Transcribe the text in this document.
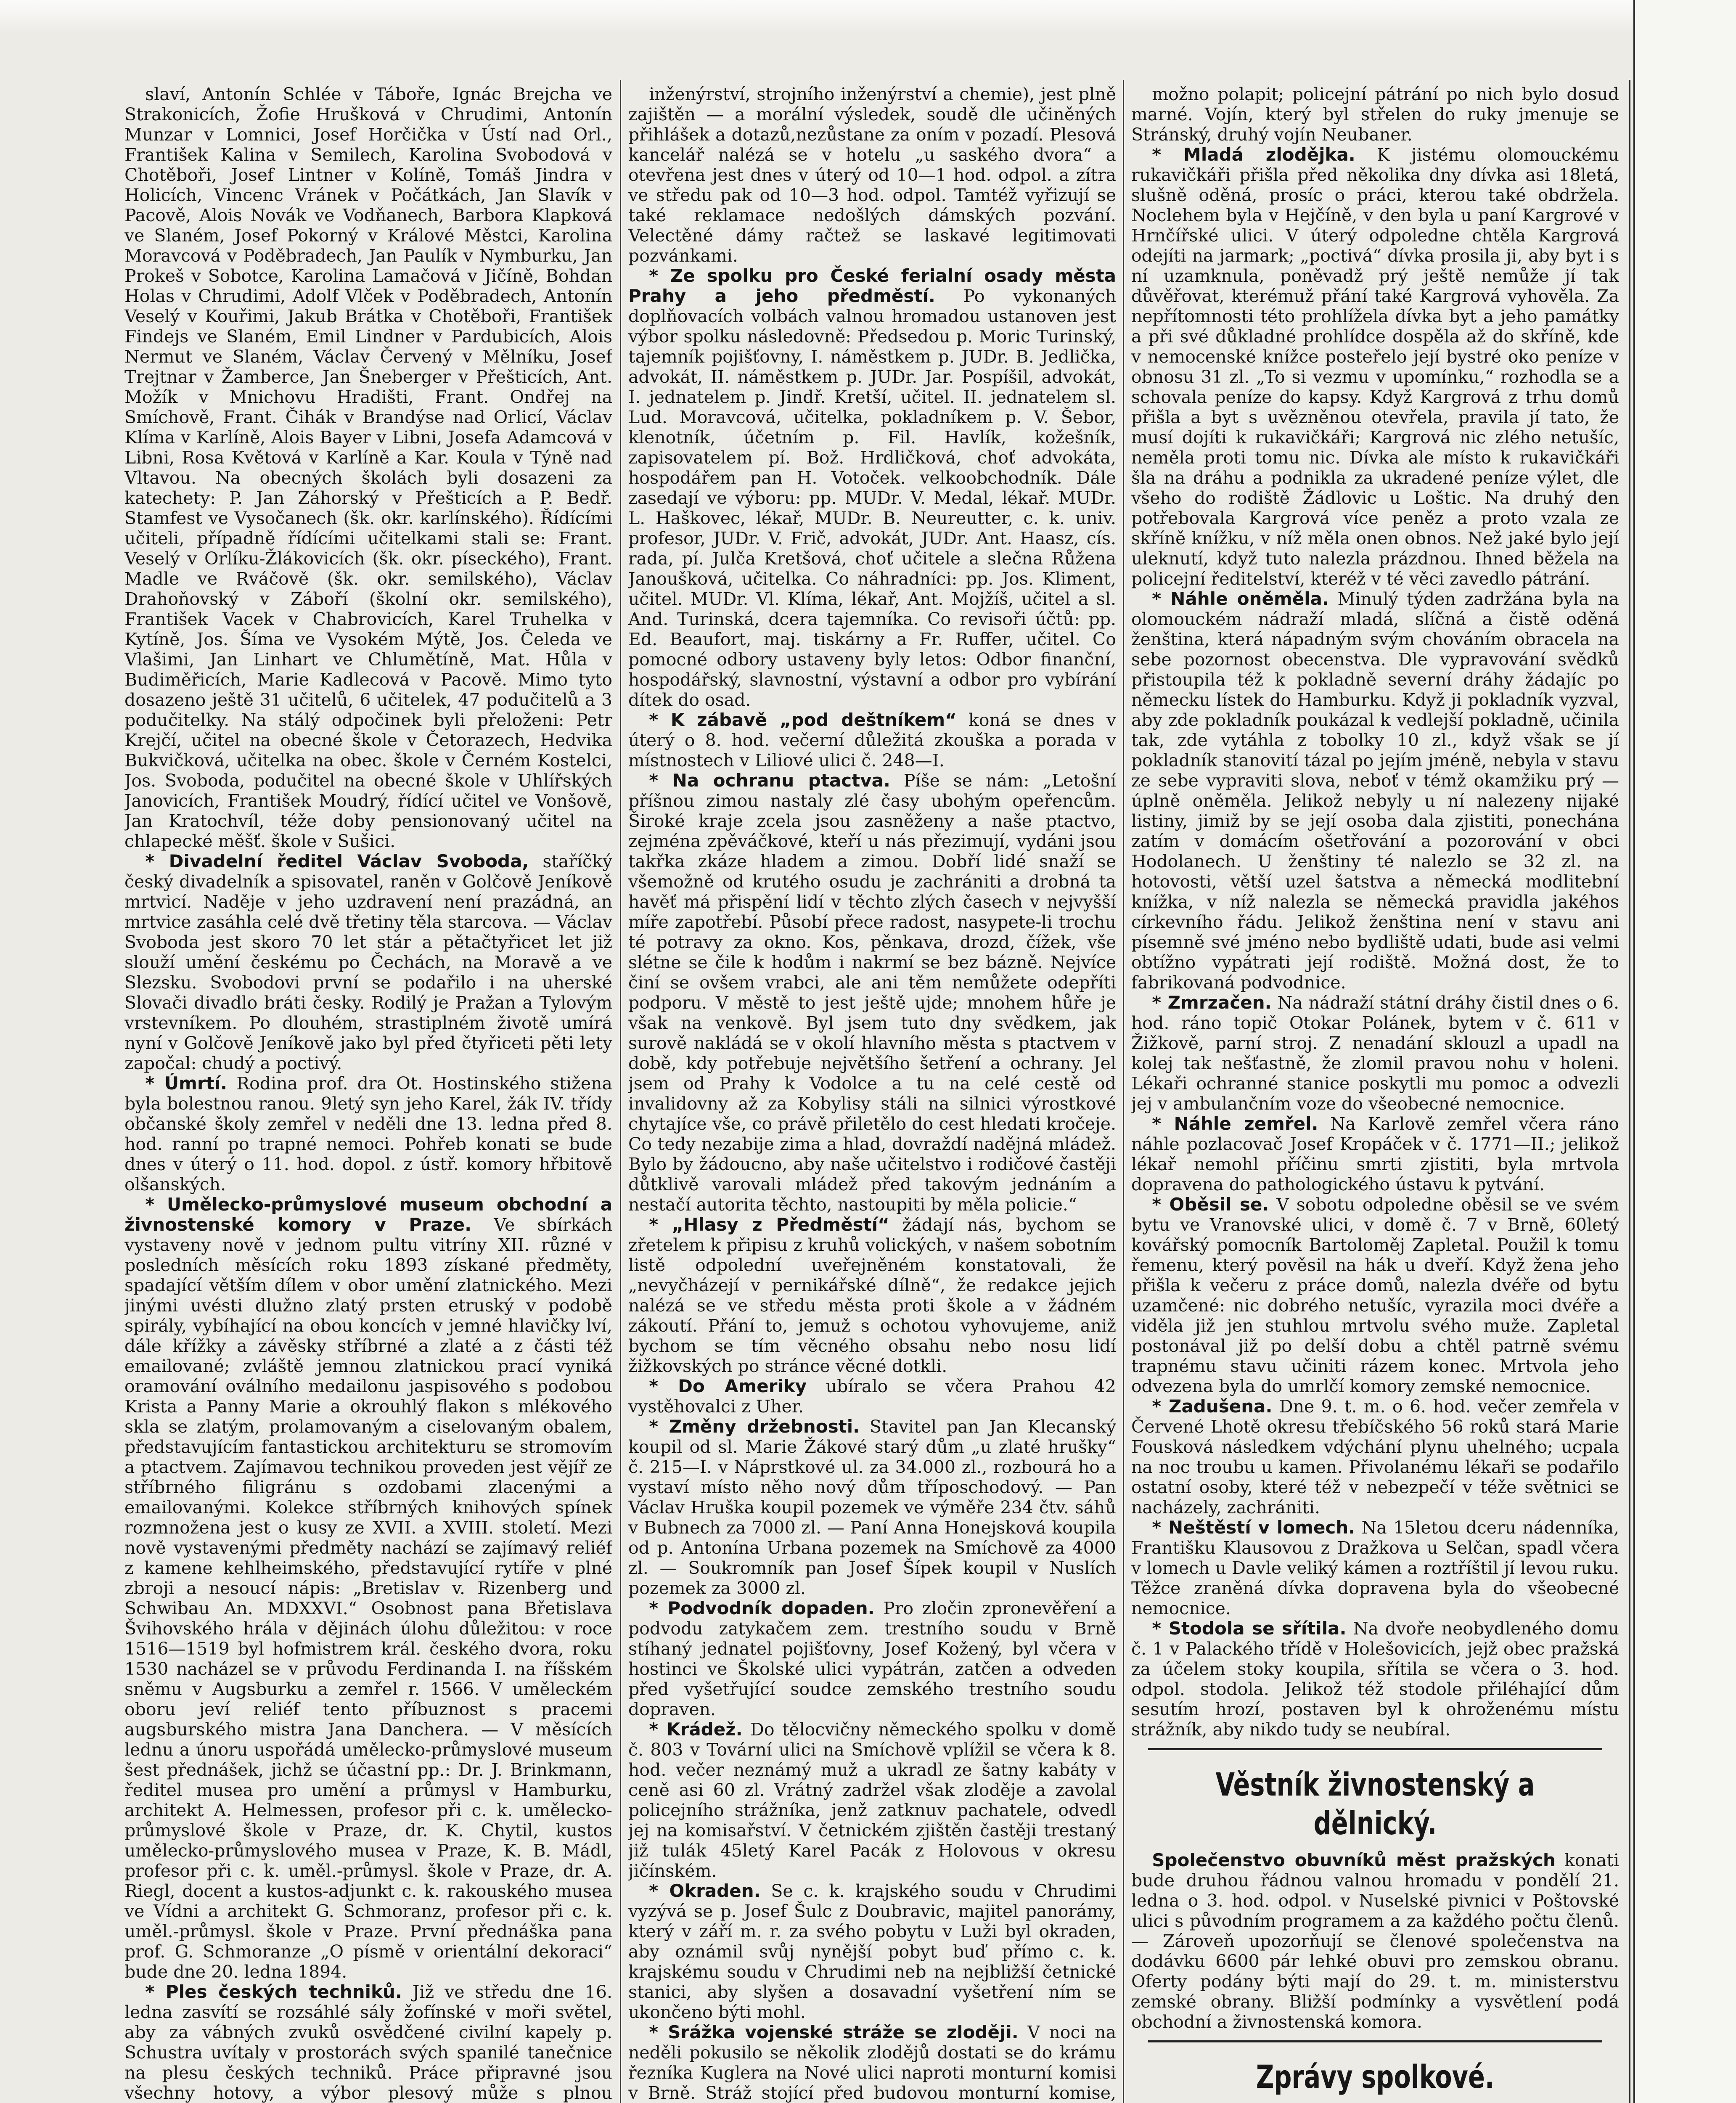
slaví, Antonín Schlée v Táboře, Ignác Brejcha ve Strakonicích, Žofie Hrušková v Chrudimi, Antonín Munzar v Lomnici, Josef Horčička v Ústí nad Orl., František Kalina v Semilech, Karolina Svobodová v Chotěboři, Josef Lintner v Kolíně, Tomáš Jindra v Holicích, Vincenc Vránek v Počátkách, Jan Slavík v Pacově, Alois Novák ve Vodňanech, Barbora Klapková ve Slaném, Josef Pokorný v Králové Městci, Karolina Moravcová v Poděbradech, Jan Paulík v Nymburku, Jan Prokeš v Sobotce, Karolina Lamačová v Jičíně, Bohdan Holas v Chrudimi, Adolf Vlček v Poděbradech, Antonín Veselý v Kouřimi, Jakub Brátka v Chotěboři, František Findejs ve Slaném, Emil Lindner v Pardubicích, Alois Nermut ve Slaném, Václav Červený v Mělníku, Josef Trejtnar v Žamberce, Jan Šneberger v Přešticích, Ant. Možík v Mnichovu Hradišti, Frant. Ondřej na Smíchově, Frant. Čihák v Brandýse nad Orlicí, Václav Klíma v Karlíně, Alois Bayer v Libni, Josefa Adamcová v Libni, Rosa Květová v Karlíně a Kar. Koula v Týně nad Vltavou. Na obecných školách byli dosazeni za katechety: P. Jan Záhorský v Přešticích a P. Bedř. Stamfest ve Vysočanech (šk. okr. karlínského). Řídícími učiteli, případně řídícími učitelkami stali se: Frant. Veselý v Orlíku-Žlákovicích (šk. okr. píseckého), Frant. Madle ve Rváčově (šk. okr. semilského), Václav Drahoňovský v Záboří (školní okr. semilského), František Vacek v Chabrovicích, Karel Truhelka v Kytíně, Jos. Šíma ve Vysokém Mýtě, Jos. Čeleda ve Vlašimi, Jan Linhart ve Chlumětíně, Mat. Hůla v Budiměřicích, Marie Kadlecová v Pacově. Mimo tyto dosazeno ještě 31 učitelů, 6 učitelek, 47 podučitelů a 3 podučitelky. Na stálý odpočinek byli přeloženi: Petr Krejčí, učitel na obecné škole v Četorazech, Hedvika Bukvičková, učitelka na obec. škole v Černém Kostelci, Jos. Svoboda, podučitel na obecné škole v Uhlířských Janovicích, František Moudrý, řídící učitel ve Vonšově, Jan Kratochvíl, téže doby pensionovaný učitel na chlapecké měšť. škole v Sušici.

* Divadelní ředitel Václav Svoboda, staříčký český divadelník a spisovatel, raněn v Golčově Jeníkově mrtvicí. Naděje v jeho uzdravení není prazádná, an mrtvice zasáhla celé dvě třetiny těla starcova. — Václav Svoboda jest skoro 70 let stár a pětačtyřicet let již slouží umění českému po Čechách, na Moravě a ve Slezsku. Svobodovi první se podařilo i na uherské Slovači divadlo bráti česky. Rodilý je Pražan a Tylovým vrstevníkem. Po dlouhém, strastiplném životě umírá nyní v Golčově Jeníkově jako byl před čtyřiceti pěti lety započal: chudý a poctivý.

* Úmrtí. Rodina prof. dra Ot. Hostinského stižena byla bolestnou ranou. 9letý syn jeho Karel, žák IV. třídy občanské školy zemřel v neděli dne 13. ledna před 8. hod. ranní po trapné nemoci. Pohřeb konati se bude dnes v úterý o 11. hod. dopol. z ústř. komory hřbitově olšanských.

* Umělecko-průmyslové museum obchodní a živnostenské komory v Praze. Ve sbírkách vystaveny nově v jednom pultu vitríny XII. různé v posledních měsících roku 1893 získané předměty, spadající větším dílem v obor umění zlatnického. Mezi jinými uvésti dlužno zlatý prsten etruský v podobě spirály, vybíhající na obou koncích v jemné hlavičky lví, dále křížky a závěsky stříbrné a zlaté a z části též emailované; zvláště jemnou zlatnickou prací vyniká oramování oválního medailonu jaspisového s podobou Krista a Panny Marie a okrouhlý flakon s mlékového skla se zlatým, prolamovaným a ciselovaným obalem, představujícím fantastickou architekturu se stromovím a ptactvem. Zajímavou technikou proveden jest vějíř ze stříbrného filigránu s ozdobami zlacenými a emailovanými. Kolekce stříbrných knihových spínek rozmnožena jest o kusy ze XVII. a XVIII. století. Mezi nově vystavenými předměty nachází se zajímavý reliéf z kamene kehlheimského, představující rytíře v plné zbroji a nesoucí nápis: „Bretislav v. Rizenberg und Schwibau An. MDXXVI.“ Osobnost pana Břetislava Švihovského hrála v dějinách úlohu důležitou: v roce 1516—1519 byl hofmistrem král. českého dvora, roku 1530 nacházel se v průvodu Ferdinanda I. na říšském sněmu v Augsburku a zemřel r. 1566. V uměleckém oboru jeví reliéf tento příbuznost s pracemi augsburského mistra Jana Danchera. — V měsících lednu a únoru uspořádá umělecko-průmyslové museum šest přednášek, jichž se účastní pp.: Dr. J. Brinkmann, ředitel musea pro umění a průmysl v Hamburku, architekt A. Helmessen, profesor při c. k. umělecko-průmyslové škole v Praze, dr. K. Chytil, kustos umělecko-průmyslového musea v Praze, K. B. Mádl, profesor při c. k. uměl.-průmysl. škole v Praze, dr. A. Riegl, docent a kustos-adjunkt c. k. rakouského musea ve Vídni a architekt G. Schmoranz, profesor při c. k. uměl.-průmysl. škole v Praze. První přednáška pana prof. G. Schmoranze „O písmě v orientální dekoraci“ bude dne 20. ledna 1894.

* Ples českých techniků. Již ve středu dne 16. ledna zasvítí se rozsáhlé sály žofínské v moři světel, aby za vábných zvuků osvědčené civilní kapely p. Schustra uvítaly v prostorách svých spanilé tanečnice na plesu českých techniků. Práce připravné jsou všechny hotovy, a výbor plesový může s plnou

inženýrství, strojního inženýrství a chemie), jest plně zajištěn — a morální výsledek, soudě dle učiněných přihlášek a dotazů,nezůstane za oním v pozadí. Plesová kancelář nalézá se v hotelu „u saského dvora“ a otevřena jest dnes v úterý od 10—1 hod. odpol. a zítra ve středu pak od 10—3 hod. odpol. Tamtéž vyřizují se také reklamace nedošlých dámských pozvání. Velectěné dámy račtež se laskavé legitimovati pozvánkami.

* Ze spolku pro České ferialní osady města Prahy a jeho předměstí. Po vykonaných doplňovacích volbách valnou hromadou ustanoven jest výbor spolku následovně: Předsedou p. Moric Turinský, tajemník pojišťovny, I. náměstkem p. JUDr. B. Jedlička, advokát, II. náměstkem p. JUDr. Jar. Pospíšil, advokát, I. jednatelem p. Jindř. Kretší, učitel. II. jednatelem sl. Lud. Moravcová, učitelka, pokladníkem p. V. Šebor, klenotník, účetním p. Fil. Havlík, kožešník, zapisovatelem pí. Bož. Hrdličková, choť advokáta, hospodářem pan H. Votoček. velkoobchodník. Dále zasedají ve výboru: pp. MUDr. V. Medal, lékař. MUDr. L. Haškovec, lékař, MUDr. B. Neureutter, c. k. univ. profesor, JUDr. V. Frič, advokát, JUDr. Ant. Haasz, cís. rada, pí. Julča Kretšová, choť učitele a slečna Růžena Janoušková, učitelka. Co náhradníci: pp. Jos. Kliment, učitel. MUDr. Vl. Klíma, lékař, Ant. Mojžíš, učitel a sl. And. Turinská, dcera tajemníka. Co revisoři účtů: pp. Ed. Beaufort, maj. tiskárny a Fr. Ruffer, učitel. Co pomocné odbory ustaveny byly letos: Odbor finanční, hospodářský, slavnostní, výstavní a odbor pro vybírání dítek do osad.

* K zábavě „pod deštníkem“ koná se dnes v úterý o 8. hod. večerní důležitá zkouška a porada v místnostech v Liliové ulici č. 248—I.

* Na ochranu ptactva. Píše se nám: „Letošní příšnou zimou nastaly zlé časy ubohým opeřencům. Široké kraje zcela jsou zasněženy a naše ptactvo, zejména zpěváčkové, kteří u nás přezimují, vydáni jsou takřka zkáze hladem a zimou. Dobří lidé snaží se všemožně od krutého osudu je zachrániti a drobná ta havěť má přispění lidí v těchto zlých časech v nejvyšší míře zapotřebí. Působí přece radost, nasypete-li trochu té potravy za okno. Kos, pěnkava, drozd, čížek, vše slétne se čile k hodům i nakrmí se bez bázně. Nejvíce činí se ovšem vrabci, ale ani těm nemůžete odepříti podporu. V městě to jest ještě ujde; mnohem hůře je však na venkově. Byl jsem tuto dny svědkem, jak surově nakládá se v okolí hlavního města s ptactvem v době, kdy potřebuje největšího šetření a ochrany. Jel jsem od Prahy k Vodolce a tu na celé cestě od invalidovny až za Kobylisy stáli na silnici výrostkové chytajíce vše, co právě přiletělo do cest hledati kročeje. Co tedy nezabije zima a hlad, dovraždí nadějná mládež. Bylo by žádoucno, aby naše učitelstvo i rodičové častěji důtklivě varovali mládež před takovým jednáním a nestačí autorita těchto, nastoupiti by měla policie.“

* „Hlasy z Předměstí“ žádají nás, bychom se zřetelem k připisu z kruhů volických, v našem sobotním listě odpolední uveřejněném konstatovali, že „nevyčházejí v pernikářské dílně“, že redakce jejich nalézá se ve středu města proti škole a v žádném zákoutí. Přání to, jemuž s ochotou vyhovujeme, aniž bychom se tím věcného obsahu nebo nosu lidí žižkovských po stránce věcné dotkli.

* Do Ameriky ubíralo se včera Prahou 42 vystěhovalci z Uher.

* Změny držebnosti. Stavitel pan Jan Klecanský koupil od sl. Marie Žákové starý dům „u zlaté hrušky“ č. 215—I. v Náprstkové ul. za 34.000 zl., rozbourá ho a vystaví místo něho nový dům tříposchodový. — Pan Václav Hruška koupil pozemek ve výměře 234 čtv. sáhů v Bubnech za 7000 zl. — Paní Anna Honejsková koupila od p. Antonína Urbana pozemek na Smíchově za 4000 zl. — Soukromník pan Josef Šípek koupil v Nuslích pozemek za 3000 zl.

* Podvodník dopaden. Pro zločin zpronevěření a podvodu zatykačem zem. trestního soudu v Brně stíhaný jednatel pojišťovny, Josef Kožený, byl včera v hostinci ve Školské ulici vypátrán, zatčen a odveden před vyšetřující soudce zemského trestního soudu dopraven.

* Krádež. Do tělocvičny německého spolku v domě č. 803 v Tovární ulici na Smíchově vplížil se včera k 8. hod. večer neznámý muž a ukradl ze šatny kabáty v ceně asi 60 zl. Vrátný zadržel však zloděje a zavolal policejního strážníka, jenž zatknuv pachatele, odvedl jej na komisařství. V četnickém zjištěn častěji trestaný již tulák 45letý Karel Pacák z Holovous v okresu jičínském.

* Okraden. Se c. k. krajského soudu v Chrudimi vyzývá se p. Josef Šulc z Doubravic, majitel panorámy, který v září m. r. za svého pobytu v Luži byl okraden, aby oznámil svůj nynější pobyt buď přímo c. k. krajskému soudu v Chrudimi neb na nejbližší četnické stanici, aby slyšen a dosavadní vyšetření ním se ukončeno býti mohl.

* Srážka vojenské stráže se zloději. V noci na neděli pokusilo se několik zlodějů dostati se do krámu řezníka Kuglera na Nové ulici naproti monturní komisi v Brně. Stráž stojící před budovou monturní komise,

možno polapit; policejní pátrání po nich bylo dosud marné. Vojín, který byl střelen do ruky jmenuje se Stránský, druhý vojín Neubaner.

* Mladá zlodějka. K jistému olomouckému rukavičkáři přišla před několika dny dívka asi 18letá, slušně oděná, prosíc o práci, kterou také obdržela. Noclehem byla v Hejčíně, v den byla u paní Kargrové v Hrnčířské ulici. V úterý odpoledne chtěla Kargrová odejíti na jarmark; „poctivá“ dívka prosila ji, aby byt i s ní uzamknula, poněvadž prý ještě nemůže jí tak důvěřovat, kterémuž přání také Kargrová vyhověla. Za nepřítomnosti této prohlížela dívka byt a jeho památky a při své důkladné prohlídce dospěla až do skříně, kde v nemocenské knížce posteřelo její bystré oko peníze v obnosu 31 zl. „To si vezmu v upomínku,“ rozhodla se a schovala peníze do kapsy. Když Kargrová z trhu domů přišla a byt s uvězněnou otevřela, pravila jí tato, že musí dojíti k rukavičkáři; Kargrová nic zlého netušíc, neměla proti tomu nic. Dívka ale místo k rukavičkáři šla na dráhu a podnikla za ukradené peníze výlet, dle všeho do rodiště Žádlovic u Loštic. Na druhý den potřebovala Kargrová více peněz a proto vzala ze skříně knížku, v níž měla onen obnos. Než jaké bylo její uleknutí, když tuto nalezla prázdnou. Ihned běžela na policejní ředitelství, kteréž v té věci zavedlo pátrání.

* Náhle oněměla. Minulý týden zadržána byla na olomouckém nádraží mladá, slíčná a čistě oděná ženština, která nápadným svým chováním obracela na sebe pozornost obecenstva. Dle vypravování svědků přistoupila též k pokladně severní dráhy žádajíc po německu lístek do Hamburku. Když ji pokladník vyzval, aby zde pokladník poukázal k vedlejší pokladně, učinila tak, zde vytáhla z tobolky 10 zl., když však se jí pokladník stanovití tázal po jejím jméně, nebyla v stavu ze sebe vypraviti slova, neboť v témž okamžiku prý — úplně oněměla. Jelikož nebyly u ní nalezeny nijaké listiny, jimiž by se její osoba dala zjistiti, ponechána zatím v domácím ošetřování a pozorování v obci Hodolanech. U ženštiny té nalezlo se 32 zl. na hotovosti, větší uzel šatstva a německá modlitební knížka, v níž nalezla se německá pravidla jakéhos církevního řádu. Jelikož ženština není v stavu ani písemně své jméno nebo bydliště udati, bude asi velmi obtížno vypátrati její rodiště. Možná dost, že to fabrikovaná podvodnice.

* Zmrzačen. Na nádraží státní dráhy čistil dnes o 6. hod. ráno topič Otokar Polánek, bytem v č. 611 v Žižkově, parní stroj. Z nenadání sklouzl a upadl na kolej tak nešťastně, že zlomil pravou nohu v holeni. Lékaři ochranné stanice poskytli mu pomoc a odvezli jej v ambulančním voze do všeobecné nemocnice.

* Náhle zemřel. Na Karlově zemřel včera ráno náhle pozlacovač Josef Kropáček v č. 1771—II.; jelikož lékař nemohl příčinu smrti zjistiti, byla mrtvola dopravena do pathologického ústavu k pytvání.

* Oběsil se. V sobotu odpoledne oběsil se ve svém bytu ve Vranovské ulici, v domě č. 7 v Brně, 60letý kovářský pomocník Bartoloměj Zapletal. Použil k tomu řemenu, který pověsil na hák u dveří. Když žena jeho přišla k večeru z práce domů, nalezla dvéře od bytu uzamčené: nic dobrého netušíc, vyrazila moci dvéře a viděla již jen stuhlou mrtvolu svého muže. Zapletal postonával již po delší dobu a chtěl patrně svému trapnému stavu učiniti rázem konec. Mrtvola jeho odvezena byla do umrlčí komory zemské nemocnice.

* Zadušena. Dne 9. t. m. o 6. hod. večer zemřela v Červené Lhotě okresu třebíčského 56 roků stará Marie Fousková následkem vdýchání plynu uhelného; ucpala na noc troubu u kamen. Přivolanému lékaři se podařilo ostatní osoby, které též v nebezpečí v téže světnici se nacházely, zachrániti.

* Neštěstí v lomech. Na 15letou dceru nádenníka, Františku Klausovou z Dražkova u Selčan, spadl včera v lomech u Davle veliký kámen a roztříštil jí levou ruku. Těžce zraněná dívka dopravena byla do všeobecné nemocnice.

* Stodola se sřítila. Na dvoře neobydleného domu č. 1 v Palackého třídě v Holešovicích, jejž obec pražská za účelem stoky koupila, sřítila se včera o 3. hod. odpol. stodola. Jelikož též stodole přiléhající dům sesutím hrozí, postaven byl k ohroženému místu strážník, aby nikdo tudy se neubíral.

Věstník živnostenský a dělnický.

Společenstvo obuvníků měst pražských konati bude druhou řádnou valnou hromadu v pondělí 21. ledna o 3. hod. odpol. v Nuselské pivnici v Poštovské ulici s původním programem a za každého počtu členů. — Zároveň upozorňují se členové společenstva na dodávku 6600 pár lehké obuvi pro zemskou obranu. Oferty podány býti mají do 29. t. m. ministerstvu zemské obrany. Bližší podmínky a vysvětlení podá obchodní a živnostenská komora.

Zprávy spolkové.
